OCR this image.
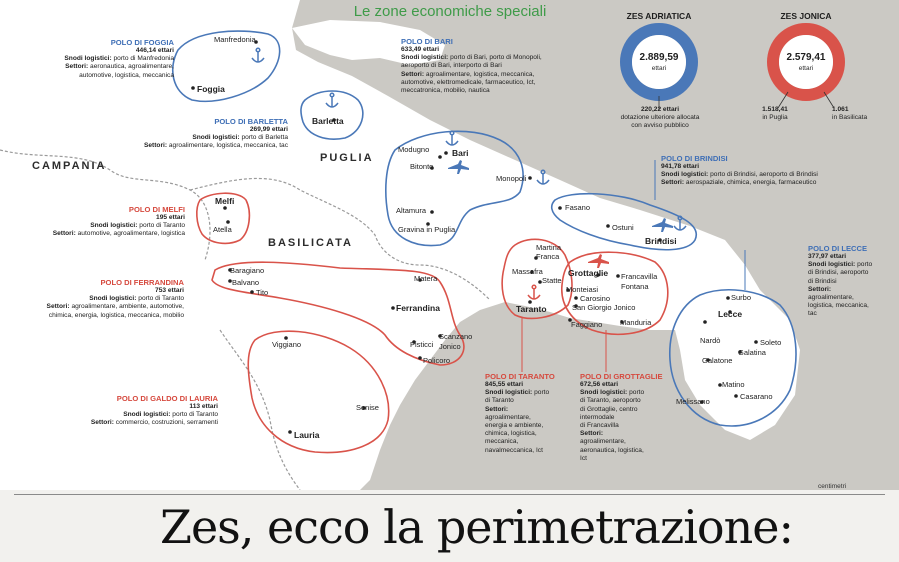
Le zone economiche speciali
CAMPANIA
PUGLIA
BASILICATA
Manfredonia
Foggia
Barletta
Modugno	Bari
Bitonto
Monopoli
Altamura
Gravina in Puglia
Fasano
Ostuni
Brindisi
Melfi
Atella
Martina
Franca
Massafra
Statte
Taranto
Grottaglie Francavilla
Fontana
Monteiasi
Carosino
San Giorgio Jonico
Faggiano Manduria
Baragiano
Balvano
Tito
Matera
Ferrandina
Scanzano
Jonico
Pisticci
Policoro
Viggiano
Senise
Lauria
Surbo
Lecce
Nardò	Soleto
Galatone
Galatina
Matino
Melissano
Casarano
POLO DI FOGGIA
446,14 ettari
Snodi logistici: porto di Manfredonia
Settori: aeronautica, agroalimentare,
automotive, logistica, meccanica
POLO DI BARLETTA
269,99 ettari
Snodi logistici: porto di Barletta
Settori: agroalimentare, logistica, meccanica, tac
POLO DI BARI
633,49 ettari
Snodi logistici: porto di Bari, porto di Monopoli,
aeroporto di Bari, interporto di Bari
Settori: agroalimentare, logistica, meccanica,
automotive, elettromedicale, farmaceutico, Ict,
meccatronica, mobilio, nautica
POLO DI BRINDISI
941,78 ettari
Snodi logistici: porto di Brindisi, aeroporto di Brindisi
Settori: aerospaziale, chimica, energia, farmaceutico
POLO DI LECCE
377,97 ettari
Snodi logistici: porto
di Brindisi, aeroporto
di Brindisi
Settori:
agroalimentare,
logistica, meccanica,
tac
POLO DI MELFI
195 ettari
Snodi logistici: porto di Taranto
Settori: automotive, agroalimentare, logistica
POLO DI FERRANDINA
753 ettari
Snodi logistici: porto di Taranto
Settori: agroalimentare, ambiente, automotive,
chimica, energia, logistica, meccanica, mobilio
POLO DI GALDO DI LAURIA
113 ettari
Snodi logistici: porto di Taranto
Settori: commercio, costruzioni, serramenti
POLO DI TARANTO
845,55 ettari
Snodi logistici: porto
di Taranto
Settori:
agroalimentare,
energia e ambiente,
chimica, logistica,
meccanica,
navalmeccanica, Ict
POLO DI GROTTAGLIE
672,56 ettari
Snodi logistici: porto
di Taranto, aeroporto
di Grottaglie, centro
intermodale
di Francavilla
Settori:
agroalimentare,
aeronautica, logistica,
Ict
ZES ADRIATICA
2.889,59
ettari
220,22 ettari
dotazione ulteriore allocata
con avviso pubblico
ZES JONICA
2.579,41
ettari
1.518,41
in Puglia
1.061
in Basilicata
centimetri
Zes, ecco la perimetrazione:
